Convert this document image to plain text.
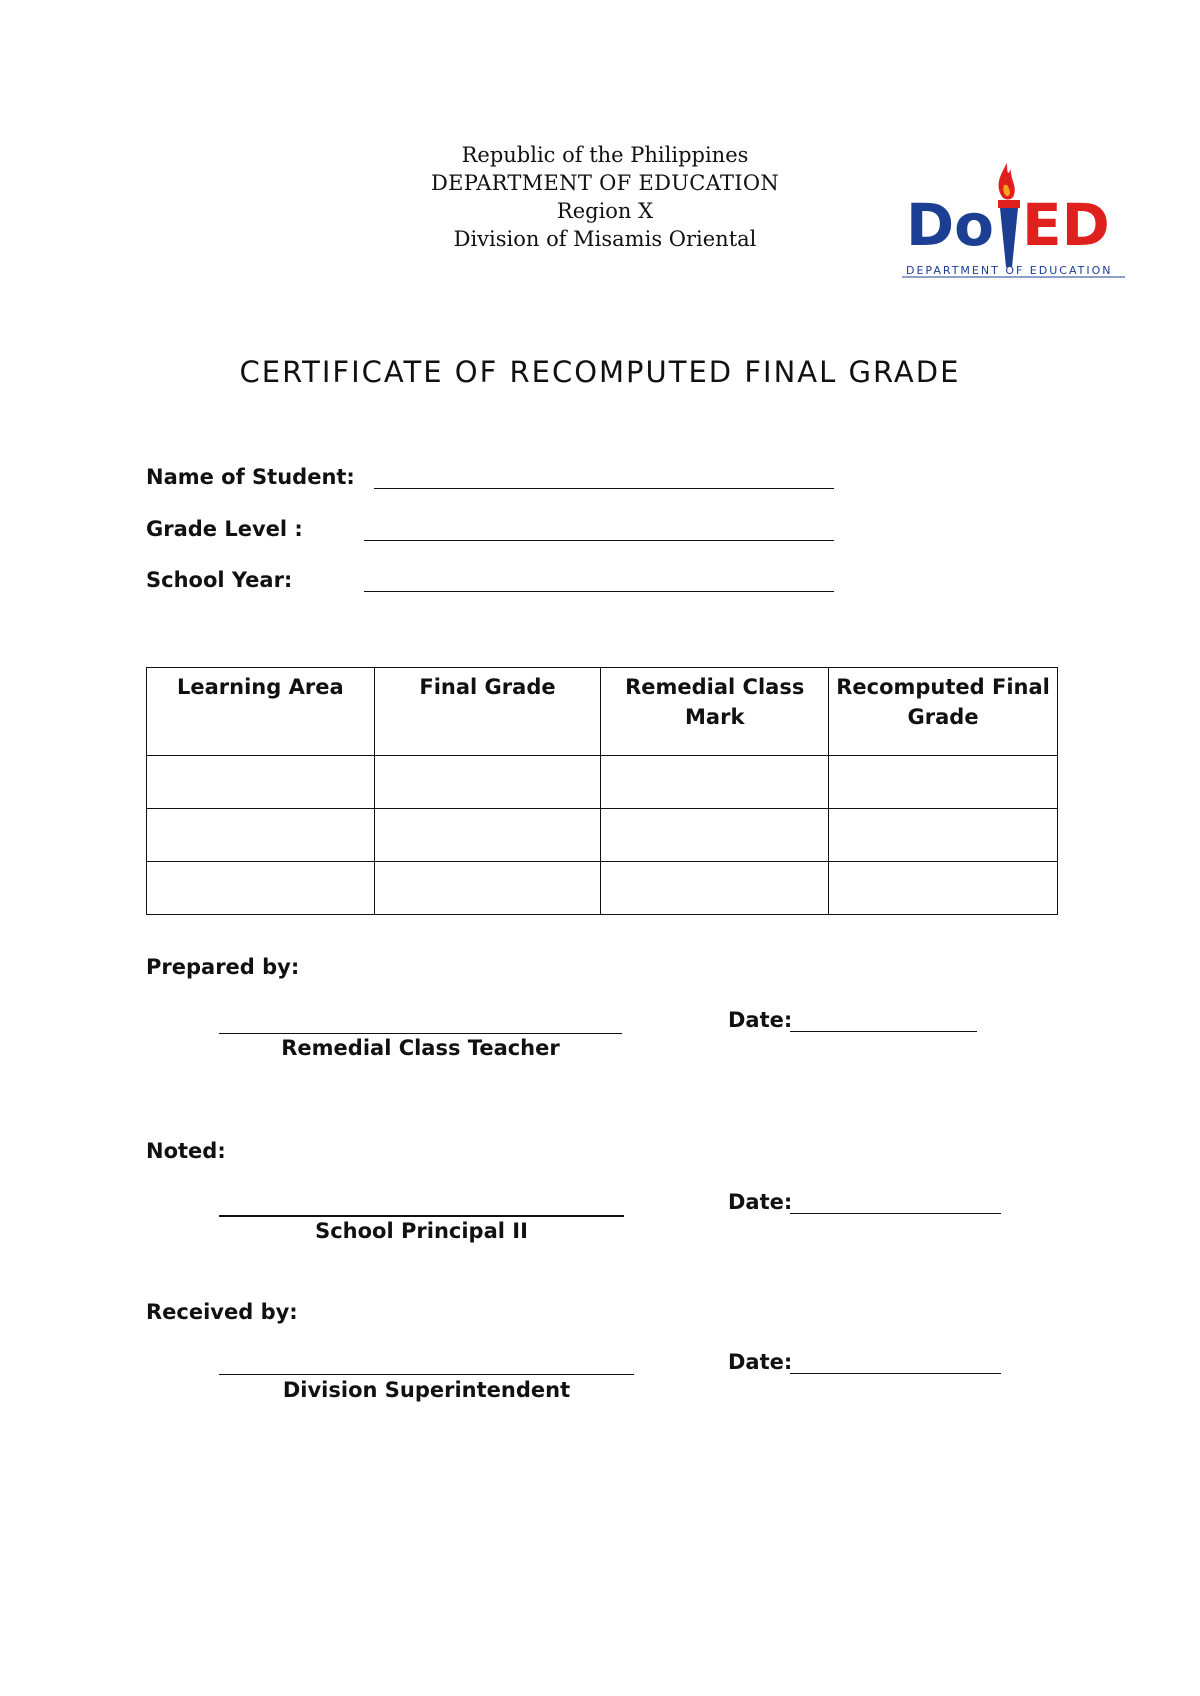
Republic of the Philippines
DEPARTMENT OF EDUCATION
Region X
Division of Misamis Oriental	Do ED
DEPARTMENT OF EDUCATION
CERTIFICATE OF RECOMPUTED FINAL GRADE
Name of Student:
Grade Level :
School Year:
Learning Area	Final Grade	Remedial Class Mark	Recomputed Final Grade

Prepared by:
Remedial Class Teacher
Date:
Noted:
School Principal II
Date:
Received by:
Division Superintendent
Date:
